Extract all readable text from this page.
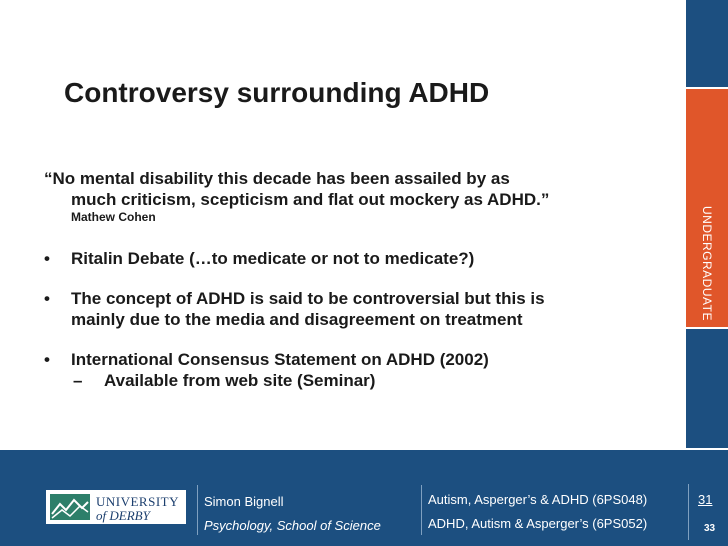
Controversy surrounding ADHD
“No mental disability this decade has been assailed by as
much criticism, scepticism and flat out mockery as ADHD.”
Mathew Cohen
• Ritalin Debate (…to medicate or not to medicate?)
• The concept of ADHD is said to be controversial but this is
mainly due to the media and disagreement on treatment
• International Consensus Statement on ADHD (2002)
– Available from web site (Seminar)
UNIVERSITY
of DERBY
Simon Bignell
Psychology, School of Science
Autism, Asperger’s & ADHD (6PS048)
ADHD, Autism & Asperger’s (6PS052)
31
33
